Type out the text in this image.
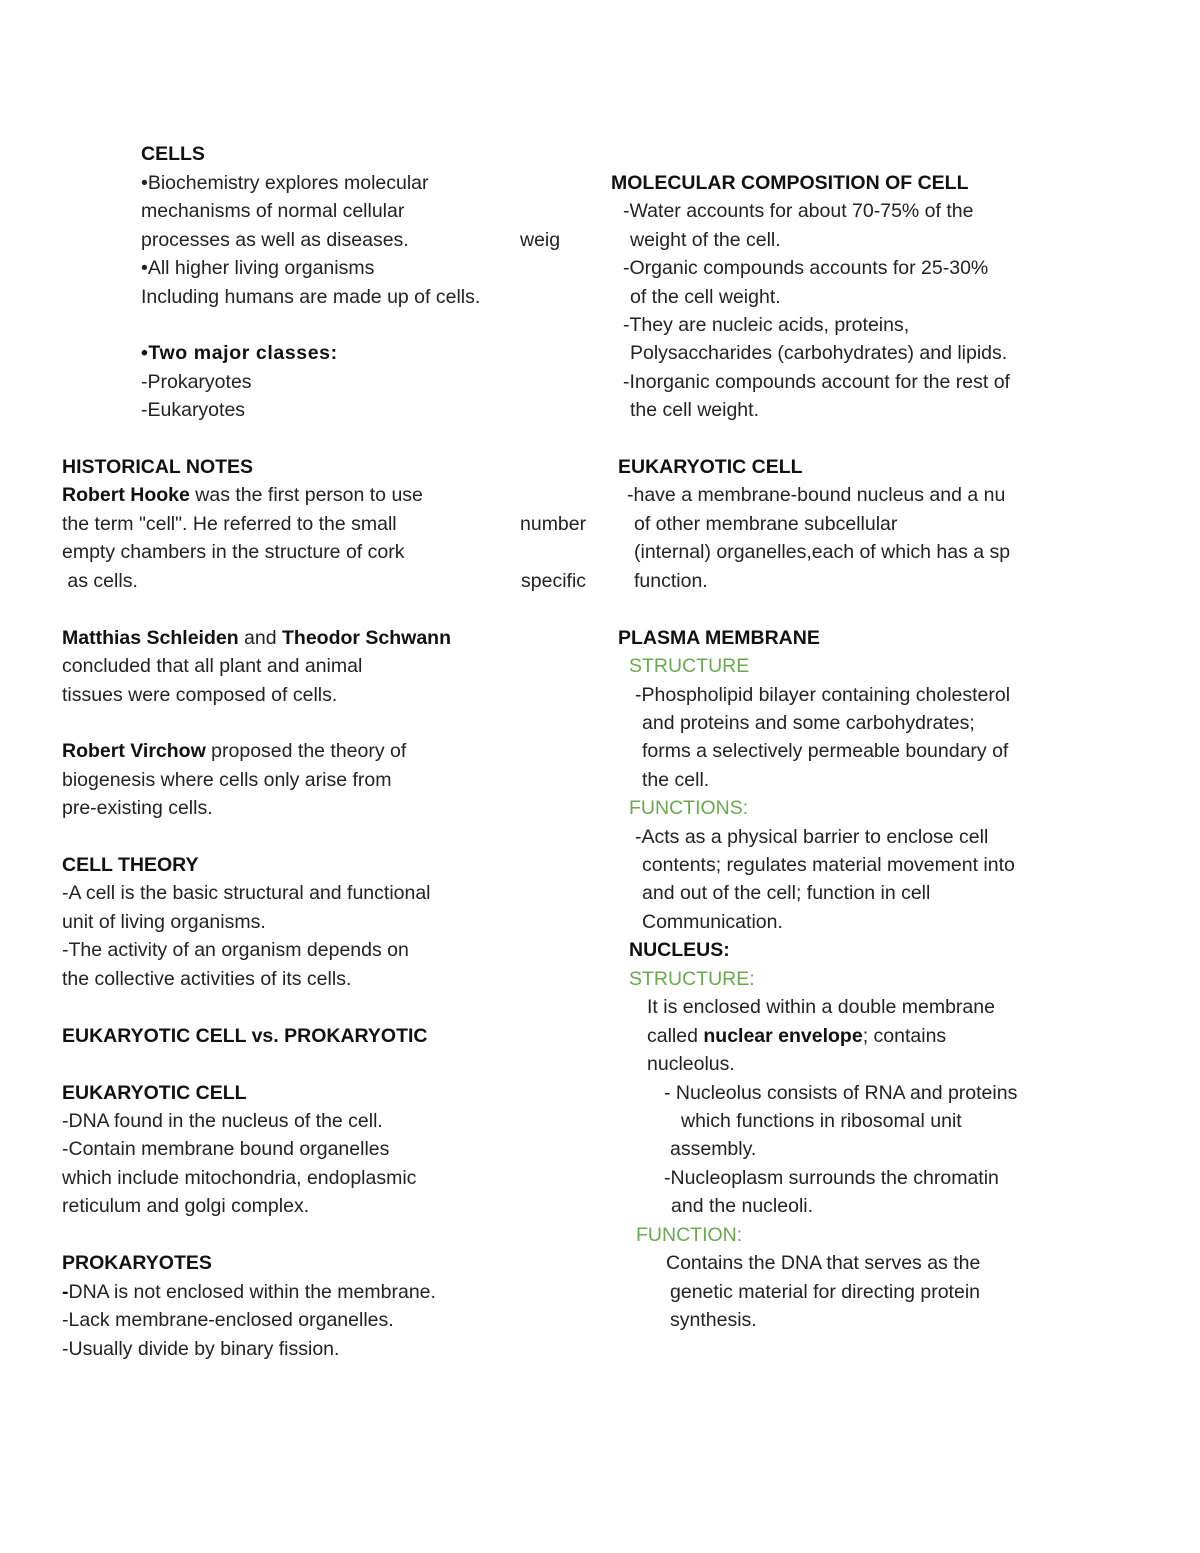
CELLS

•Biochemistry explores molecular

mechanisms of normal cellular

processes as well as diseases.

•All higher living organisms

Including humans are made up of cells.

•Two major classes:

-Prokaryotes

-Eukaryotes

HISTORICAL NOTES

Robert Hooke was the first person to use

the term "cell". He referred to the small

empty chambers in the structure of cork

as cells.

Matthias Schleiden and Theodor Schwann

concluded that all plant and animal

tissues were composed of cells.

Robert Virchow proposed the theory of

biogenesis where cells only arise from

pre-existing cells.

CELL THEORY

-A cell is the basic structural and functional

unit of living organisms.

-The activity of an organism depends on

the collective activities of its cells.

EUKARYOTIC CELL vs. PROKARYOTIC

EUKARYOTIC CELL

-DNA found in the nucleus of the cell.

-Contain membrane bound organelles

which include mitochondria, endoplasmic

reticulum and golgi complex.

PROKARYOTES

-DNA is not enclosed within the membrane.

-Lack membrane-enclosed organelles.

-Usually divide by binary fission.

weig

number

specific

MOLECULAR COMPOSITION OF CELL

-Water accounts for about 70-75% of the

weight of the cell.

-Organic compounds accounts for 25-30%

of the cell weight.

-They are nucleic acids, proteins,

Polysaccharides (carbohydrates) and lipids.

-Inorganic compounds account for the rest of

the cell weight.

EUKARYOTIC CELL

-have a membrane-bound nucleus and a nu

of other membrane subcellular

(internal) organelles,each of which has a sp

function.

PLASMA MEMBRANE

STRUCTURE

-Phospholipid bilayer containing cholesterol

and proteins and some carbohydrates;

forms a selectively permeable boundary of

the cell.

FUNCTIONS:

-Acts as a physical barrier to enclose cell

contents; regulates material movement into

and out of the cell; function in cell

Communication.

NUCLEUS:

STRUCTURE:

It is enclosed within a double membrane

called nuclear envelope; contains

nucleolus.

- Nucleolus consists of RNA and proteins

which functions in ribosomal unit

assembly.

-Nucleoplasm surrounds the chromatin

and the nucleoli.

FUNCTION:

Contains the DNA that serves as the

genetic material for directing protein

synthesis.
